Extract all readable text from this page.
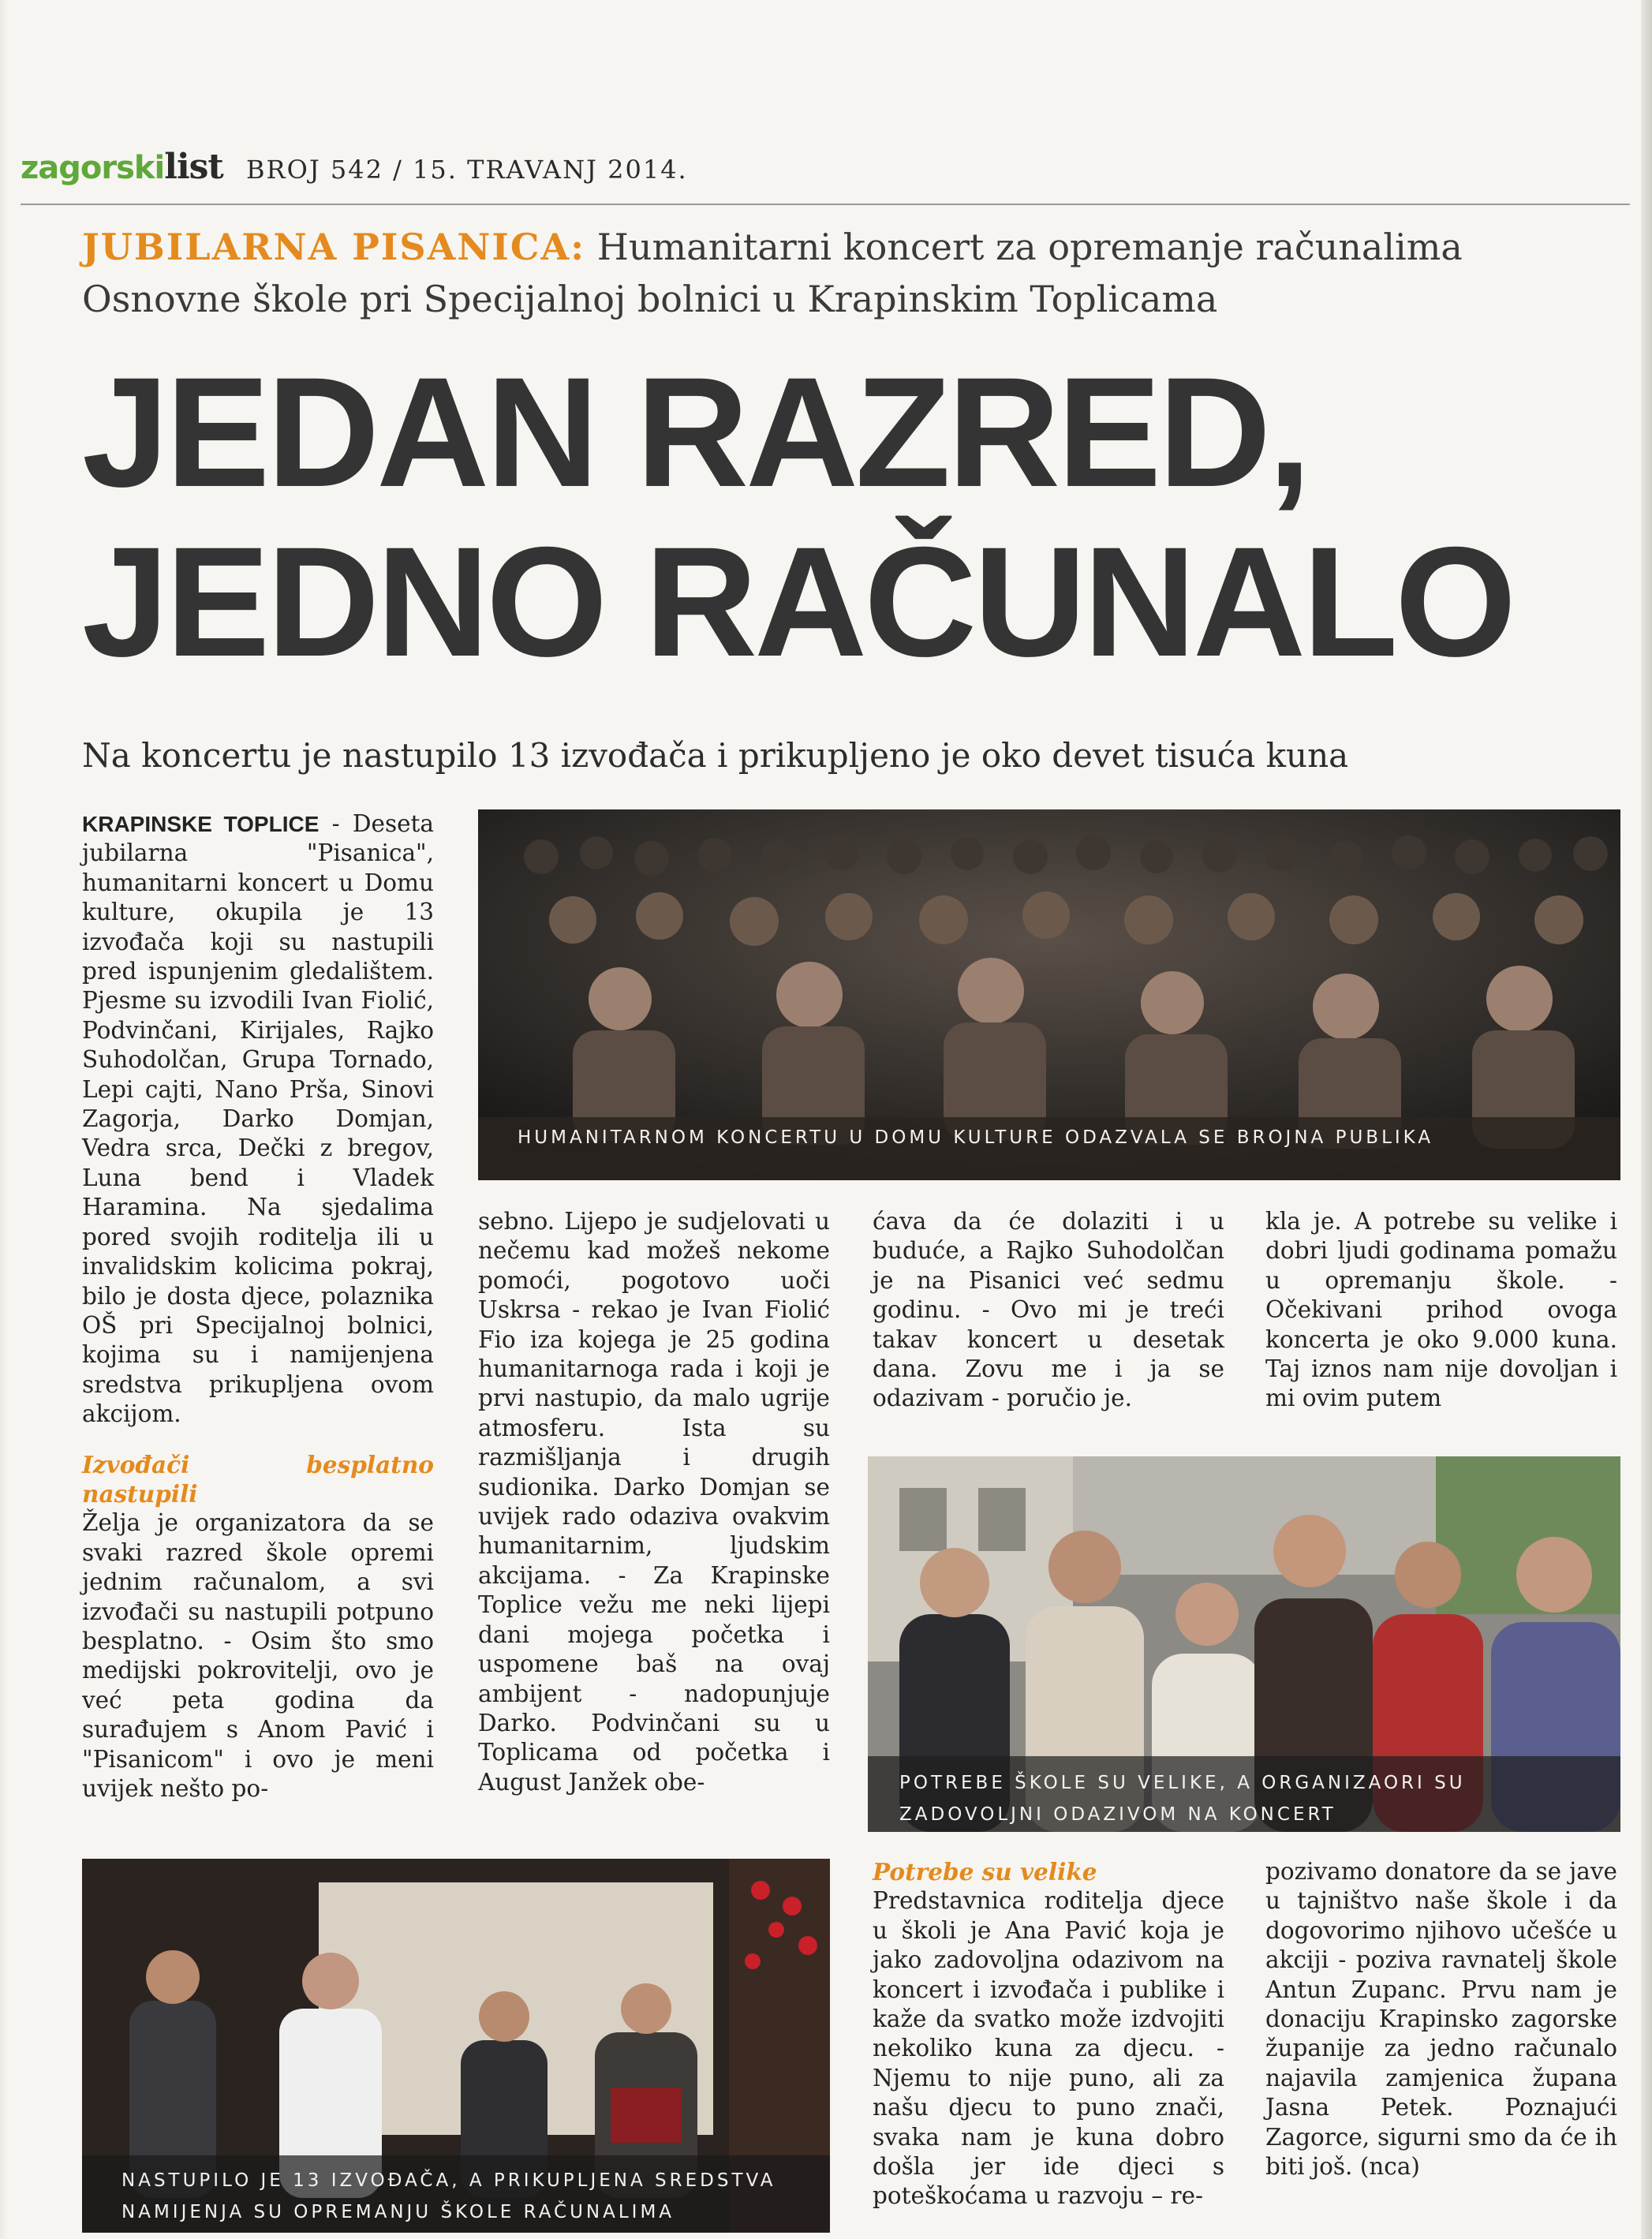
zagorskilist BROJ 542 / 15. TRAVANJ 2014.
JUBILARNA PISANICA: Humanitarni koncert za opremanje računalima Osnovne škole pri Specijalnoj bolnici u Krapinskim Toplicama
JEDAN RAZRED,
JEDNO RAČUNALO
Na koncertu je nastupilo 13 izvođača i prikupljeno je oko devet tisuća kuna

KRAPINSKE TOPLICE - Deseta jubilarna "Pisanica", humanitarni koncert u Domu kulture, okupila je 13 izvođača koji su nastupili pred ispunjenim gledalištem. Pjesme su izvodili Ivan Fiolić, Podvinčani, Kirijales, Rajko Suhodolčan, Grupa Tornado, Lepi cajti, Nano Prša, Sinovi Zagorja, Darko Domjan, Vedra srca, Dečki z bregov, Luna bend i Vladek Haramina. Na sjedalima pored svojih roditelja ili u invalidskim kolicima pokraj, bilo je dosta djece, polaznika OŠ pri Specijalnoj bolnici, kojima su i namijenjena sredstva prikupljena ovom akcijom.

Izvođači besplatno nastupili

Želja je organizatora da se svaki razred škole opremi jednim računalom, a svi izvođači su nastupili potpuno besplatno. - Osim što smo medijski pokrovitelji, ovo je već peta godina da surađujem s Anom Pavić i "Pisanicom" i ovo je meni uvijek nešto po-

HUMANITARNOM KONCERTU U DOMU KULTURE ODAZVALA SE BROJNA PUBLIKA

sebno. Lijepo je sudjelovati u nečemu kad možeš nekome pomoći, pogotovo uoči Uskrsa - rekao je Ivan Fiolić Fio iza kojega je 25 godina humanitarnoga rada i koji je prvi nastupio, da malo ugrije atmosferu. Ista su razmišljanja i drugih sudionika. Darko Domjan se uvijek rado odaziva ovakvim humanitarnim, ljudskim akcijama. - Za Krapinske Toplice vežu me neki lijepi dani mojega početka i uspomene baš na ovaj ambijent - nadopunjuje Darko. Podvinčani su u Toplicama od početka i August Janžek obe-

ćava da će dolaziti i u buduće, a Rajko Suhodolčan je na Pisanici već sedmu godinu. - Ovo mi je treći takav koncert u desetak dana. Zovu me i ja se odazivam - poručio je.

kla je. A potrebe su velike i dobri ljudi godinama pomažu u opremanju škole. - Očekivani prihod ovoga koncerta je oko 9.000 kuna. Taj iznos nam nije dovoljan i mi ovim putem

POTREBE ŠKOLE SU VELIKE, A ORGANIZAORI SU ZADOVOLJNI ODAZIVOM NA KONCERT
NASTUPILO JE 13 IZVOĐAČA, A PRIKUPLJENA SREDSTVA NAMIJENJA SU OPREMANJU ŠKOLE RAČUNALIMA

Potrebe su velike

Predstavnica roditelja djece u školi je Ana Pavić koja je jako zadovoljna odazivom na koncert i izvođača i publike i kaže da svatko može izdvojiti nekoliko kuna za djecu. - Njemu to nije puno, ali za našu djecu to puno znači, svaka nam je kuna dobro došla jer ide djeci s poteškoćama u razvoju – re-

pozivamo donatore da se jave u tajništvo naše škole i da dogovorimo njihovo učešće u akciji - poziva ravnatelj škole Antun Zupanc. Prvu nam je donaciju Krapinsko zagorske županije za jedno računalo najavila zamjenica župana Jasna Petek. Poznajući Zagorce, sigurni smo da će ih biti još. (nca)
